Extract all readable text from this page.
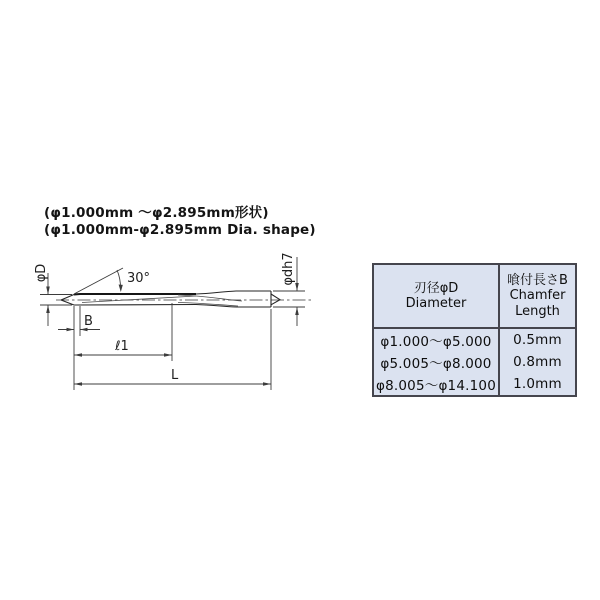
(φ1.000mm ～φ2.895mm形状)
(φ1.000mm-φ2.895mm Dia. shape)
30°
φD	φdh7
B
ℓ1
L
刃径φD
Diameter
喰付長さB
Chamfer
Length
φ1.000～φ5.000 0.5mm
φ5.005～φ8.000 0.8mm
φ8.005～φ14.100 1.0mm
